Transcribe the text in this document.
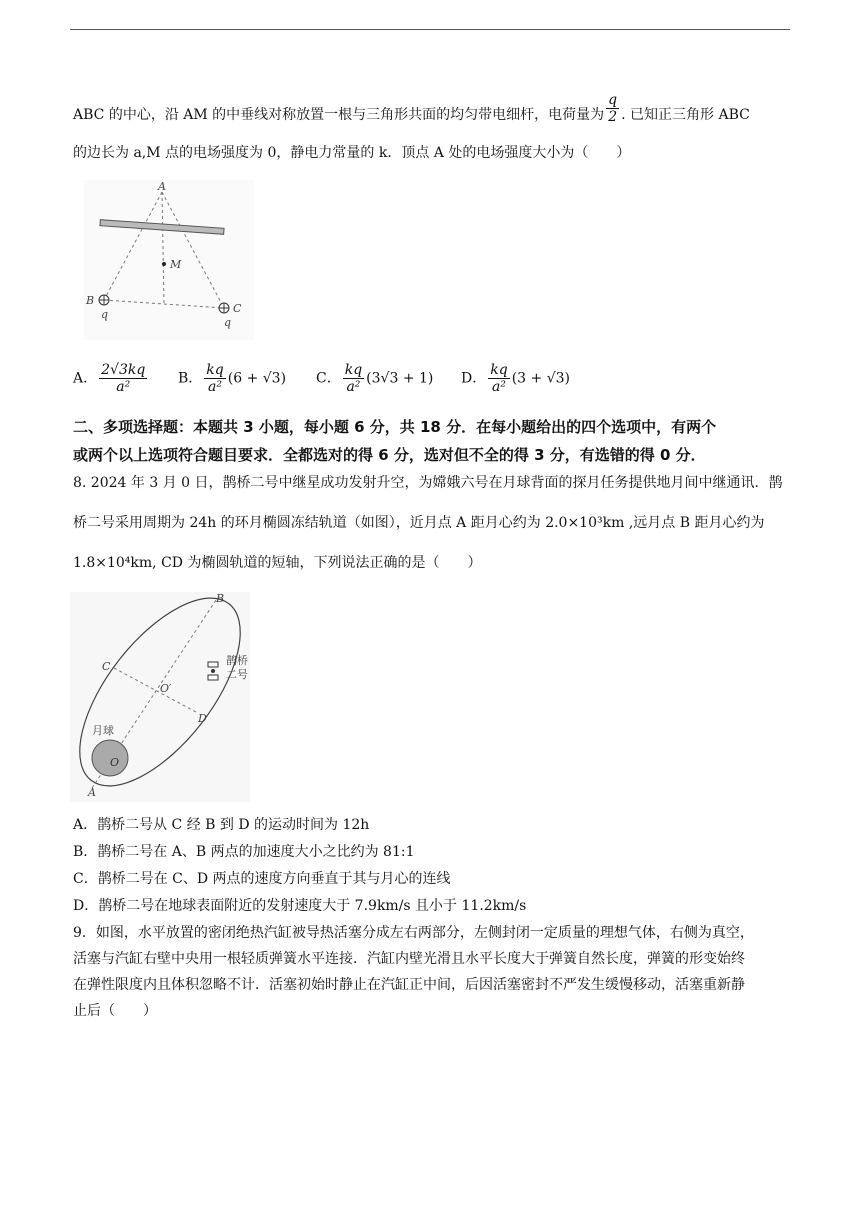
ABC 的中心，沿 AM 的中垂线对称放置一根与三角形共面的均匀带电细杆，电荷量为 $\frac{q}{2}$ . 已知正三角形 ABC
的边长为 a,M 点的电场强度为 0，静电力常量的 k．顶点 A 处的电场强度大小为（　　）
A
M
B
C
q
q
A． $\frac{2√3kq}{\text{a²}}$ B． $\frac{kq}{\text{a²}} (6 + √3)$ C． $\frac{kq}{\text{a²}} (3√3 + 1)$ D． $\frac{kq}{\text{a²}} (3 + √3)$
二、多项选择题：本题共 3 小题，每小题 6 分，共 18 分．在每小题给出的四个选项中，有两个
或两个以上选项符合题目要求．全都选对的得 6 分，选对但不全的得 3 分，有选错的得 0 分．
8. 2024 年 3 月 0 日，鹊桥二号中继星成功发射升空，为嫦娥六号在月球背面的探月任务提供地月间中继通讯．鹊
桥二号采用周期为 24h 的环月椭圆冻结轨道（如图），近月点 A 距月心约为 2.0×10³km ,远月点 B 距月心约为
1.8×10⁴km, CD 为椭圆轨道的短轴，下列说法正确的是（　　）
B
C
O′
D
月球
O
A
鹊桥
二号
A．鹊桥二号从 C 经 B 到 D 的运动时间为 12h
B．鹊桥二号在 A、B 两点的加速度大小之比约为 81:1
C．鹊桥二号在 C、D 两点的速度方向垂直于其与月心的连线
D．鹊桥二号在地球表面附近的发射速度大于 7.9km/s 且小于 11.2km/s
9．如图，水平放置的密闭绝热汽缸被导热活塞分成左右两部分，左侧封闭一定质量的理想气体，右侧为真空，
活塞与汽缸右壁中央用一根轻质弹簧水平连接．汽缸内壁光滑且水平长度大于弹簧自然长度，弹簧的形变始终
在弹性限度内且体积忽略不计．活塞初始时静止在汽缸正中间，后因活塞密封不严发生缓慢移动，活塞重新静
止后（　　）
